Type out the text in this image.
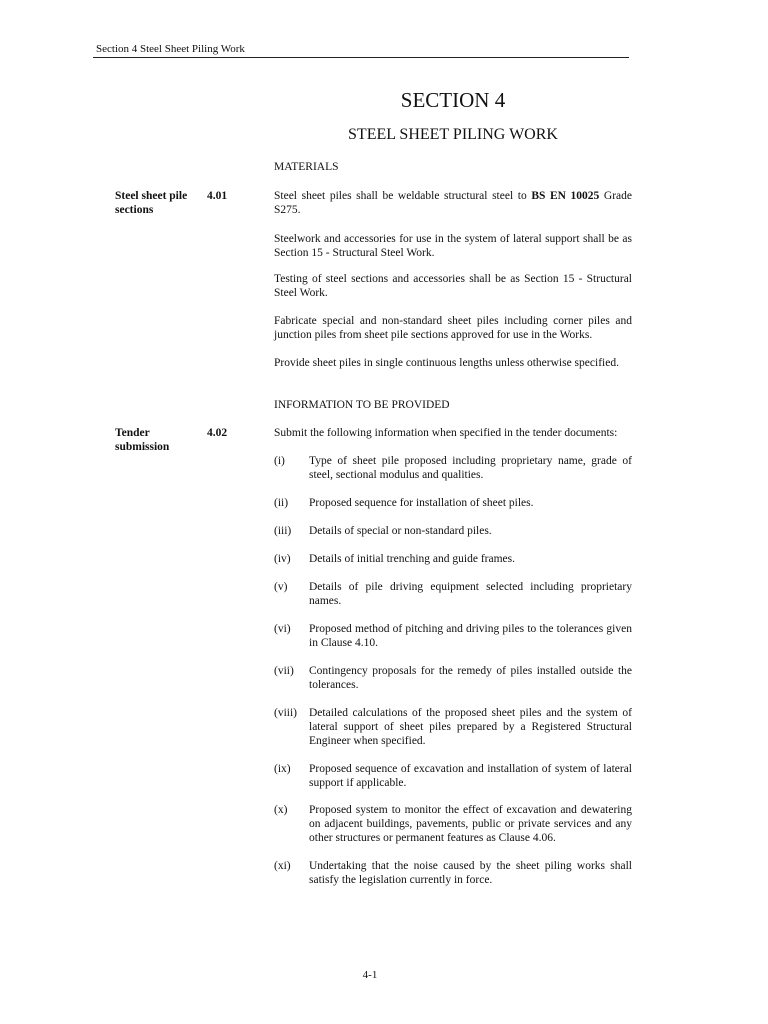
Section 4 Steel Sheet Piling Work
SECTION 4
STEEL SHEET PILING WORK
MATERIALS
Steel sheet pile sections
4.01	Steel sheet piles shall be weldable structural steel to BS EN 10025 Grade S275.
Steelwork and accessories for use in the system of lateral support shall be as Section 15 - Structural Steel Work.
Testing of steel sections and accessories shall be as Section 15 - Structural Steel Work.
Fabricate special and non-standard sheet piles including corner piles and junction piles from sheet pile sections approved for use in the Works.
Provide sheet piles in single continuous lengths unless otherwise specified.
INFORMATION TO BE PROVIDED
Tender submission
4.02	Submit the following information when specified in the tender documents:
(i) Type of sheet pile proposed including proprietary name, grade of steel, sectional modulus and qualities.
(ii) Proposed sequence for installation of sheet piles.
(iii) Details of special or non-standard piles.
(iv) Details of initial trenching and guide frames.
(v) Details of pile driving equipment selected including proprietary names.
(vi) Proposed method of pitching and driving piles to the tolerances given in Clause 4.10.
(vii) Contingency proposals for the remedy of piles installed outside the tolerances.
(viii) Detailed calculations of the proposed sheet piles and the system of lateral support of sheet piles prepared by a Registered Structural Engineer when specified.
(ix) Proposed sequence of excavation and installation of system of lateral support if applicable.
(x) Proposed system to monitor the effect of excavation and dewatering on adjacent buildings, pavements, public or private services and any other structures or permanent features as Clause 4.06.
(xi) Undertaking that the noise caused by the sheet piling works shall satisfy the legislation currently in force.
4-1
